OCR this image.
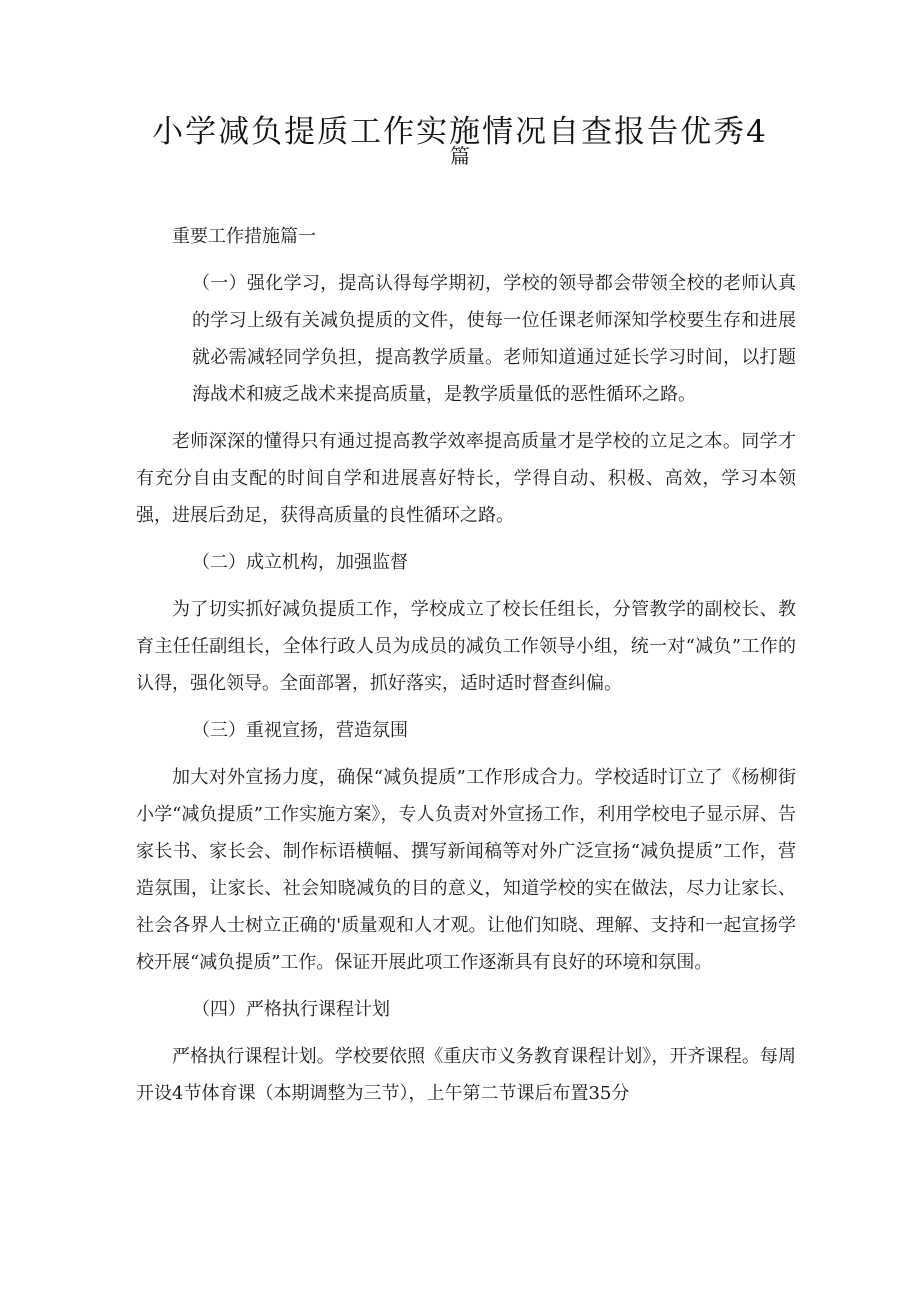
小学减负提质工作实施情况自查报告优秀4
篇

重要工作措施篇一

（一）强化学习，提高认得每学期初，学校的领导都会带领全校的老师认真的学习上级有关减负提质的文件，使每一位任课老师深知学校要生存和进展就必需减轻同学负担，提高教学质量。老师知道通过延长学习时间，以打题海战术和疲乏战术来提高质量，是教学质量低的恶性循环之路。

老师深深的懂得只有通过提高教学效率提高质量才是学校的立足之本。同学才有充分自由支配的时间自学和进展喜好特长，学得自动、积极、高效，学习本领强，进展后劲足，获得高质量的良性循环之路。

（二）成立机构，加强监督

为了切实抓好减负提质工作，学校成立了校长任组长，分管教学的副校长、教育主任任副组长，全体行政人员为成员的减负工作领导小组，统一对“减负”工作的认得，强化领导。全面部署，抓好落实，适时适时督查纠偏。

（三）重视宣扬，营造氛围

加大对外宣扬力度，确保“减负提质”工作形成合力。学校适时订立了《杨柳街小学“减负提质”工作实施方案》，专人负责对外宣扬工作，利用学校电子显示屏、告家长书、家长会、制作标语横幅、撰写新闻稿等对外广泛宣扬“减负提质”工作，营造氛围，让家长、社会知晓减负的目的意义，知道学校的实在做法，尽力让家长、社会各界人士树立正确的'质量观和人才观。让他们知晓、理解、支持和一起宣扬学校开展“减负提质”工作。保证开展此项工作逐渐具有良好的环境和氛围。

（四）严格执行课程计划

严格执行课程计划。学校要依照《重庆市义务教育课程计划》，开齐课程。每周开设4节体育课（本期调整为三节），上午第二节课后布置35分
